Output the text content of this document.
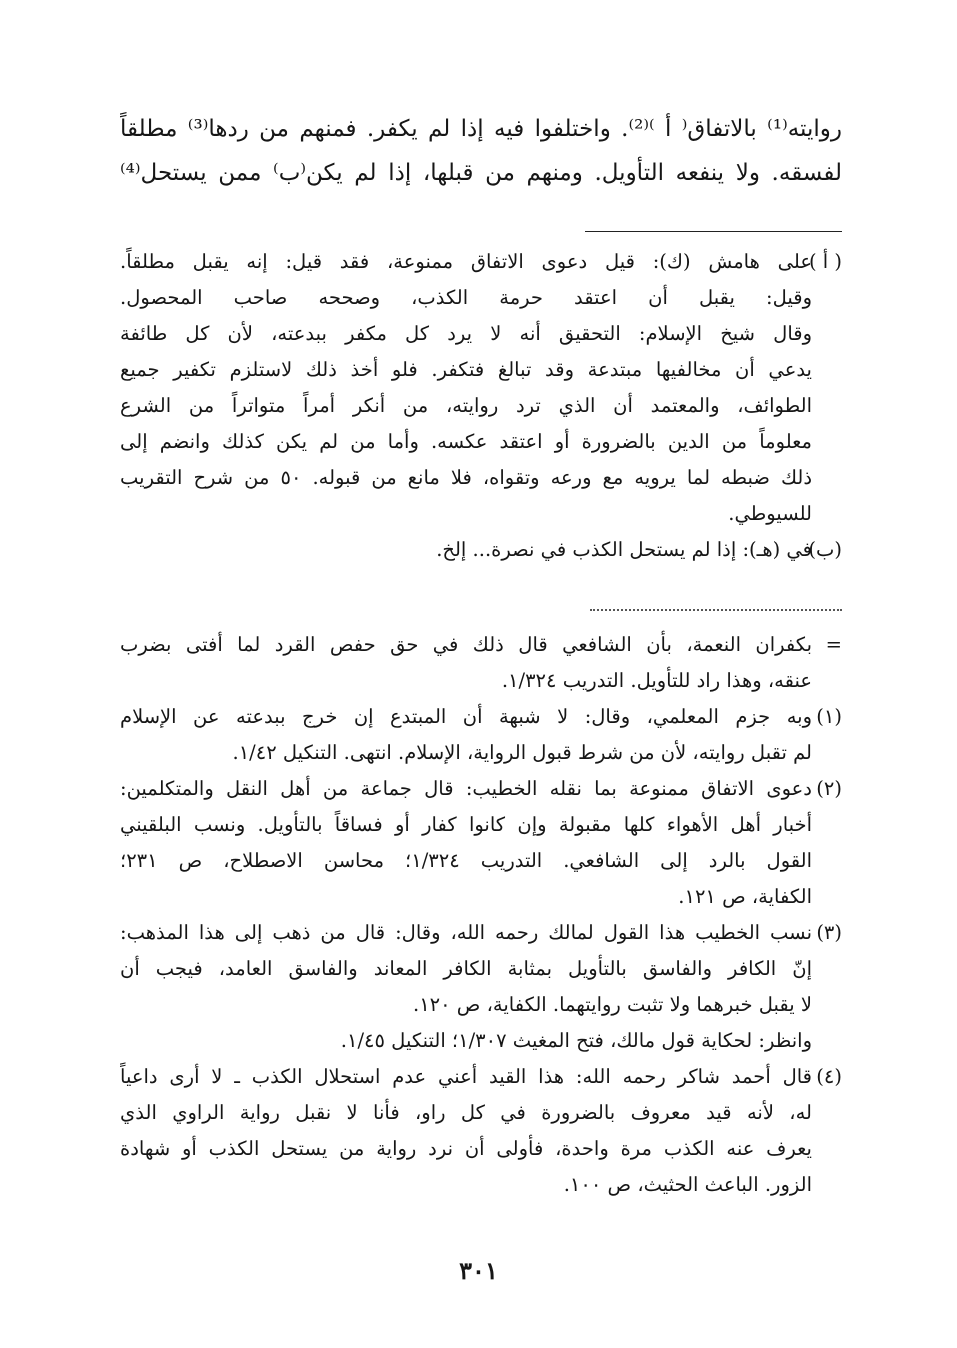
روايته⁽¹⁾ بالاتفاق⁽ أ ⁾⁽²⁾. واختلفوا فيه إذا لم يكفر. فمنهم من ردها⁽³⁾ مطلقاً
لفسقه. ولا ينفعه التأويل. ومنهم من قبلها، إذا لم يكن⁽ب⁾ ممن يستحل⁽⁴⁾
( أ )على هامش (ك): قيل دعوى الاتفاق ممنوعة، فقد قيل: إنه يقبل مطلقاً.
وقيل: يقبل أن اعتقد حرمة الكذب، وصححه صاحب المحصول.
وقال شيخ الإسلام: التحقيق أنه لا يرد كل مكفر ببدعته، لأن كل طائفة
يدعي أن مخالفيها مبتدعة وقد تبالغ فتكفر. فلو أخذ ذلك لاستلزم تكفير جميع
الطوائف، والمعتمد أن الذي ترد روايته، من أنكر أمراً متواتراً من الشرع
معلوماً من الدين بالضرورة أو اعتقد عكسه. وأما من لم يكن كذلك وانضم إلى
ذلك ضبطه لما يرويه مع ورعه وتقواه، فلا مانع من قبوله. ٥٠ من شرح التقريب
للسيوطي.
(ب)في (هـ): إذا لم يستحل الكذب في نصرة... إلخ.
=بكفران النعمة، بأن الشافعي قال ذلك في حق حفص القرد لما أفتى بضرب
عنقه، وهذا راد للتأويل. التدريب ١/٣٢٤.
(١)وبه جزم المعلمي، وقال: لا شبهة أن المبتدع إن خرج ببدعته عن الإسلام
لم تقبل روايته، لأن من شرط قبول الرواية، الإسلام. انتهى. التنكيل ١/٤٢.
(٢)دعوى الاتفاق ممنوعة بما نقله الخطيب: قال جماعة من أهل النقل والمتكلمين:
أخبار أهل الأهواء كلها مقبولة وإن كانوا كفار أو فساقاً بالتأويل. ونسب البلقيني
القول بالرد إلى الشافعي. التدريب ١/٣٢٤؛ محاسن الاصطلاح، ص ٢٣١؛
الكفاية، ص ١٢١.
(٣)نسب الخطيب هذا القول لمالك رحمه الله، وقال: قال من ذهب إلى هذا المذهب:
إنّ الكافر والفاسق بالتأويل بمثابة الكافر المعاند والفاسق العامد، فيجب أن
لا يقبل خبرهما ولا تثبت روايتهما. الكفاية، ص ١٢٠.
وانظر: لحكاية قول مالك، فتح المغيث ١/٣٠٧؛ التنكيل ١/٤٥.
(٤)قال أحمد شاكر رحمه الله: هذا القيد أعني عدم استحلال الكذب ـ لا أرى داعياً
له، لأنه قيد معروف بالضرورة في كل راو، فأنا لا نقبل رواية الراوي الذي
يعرف عنه الكذب مرة واحدة، فأولى أن نرد رواية من يستحل الكذب أو شهادة
الزور. الباعث الحثيث، ص ١٠٠.
٣٠١
